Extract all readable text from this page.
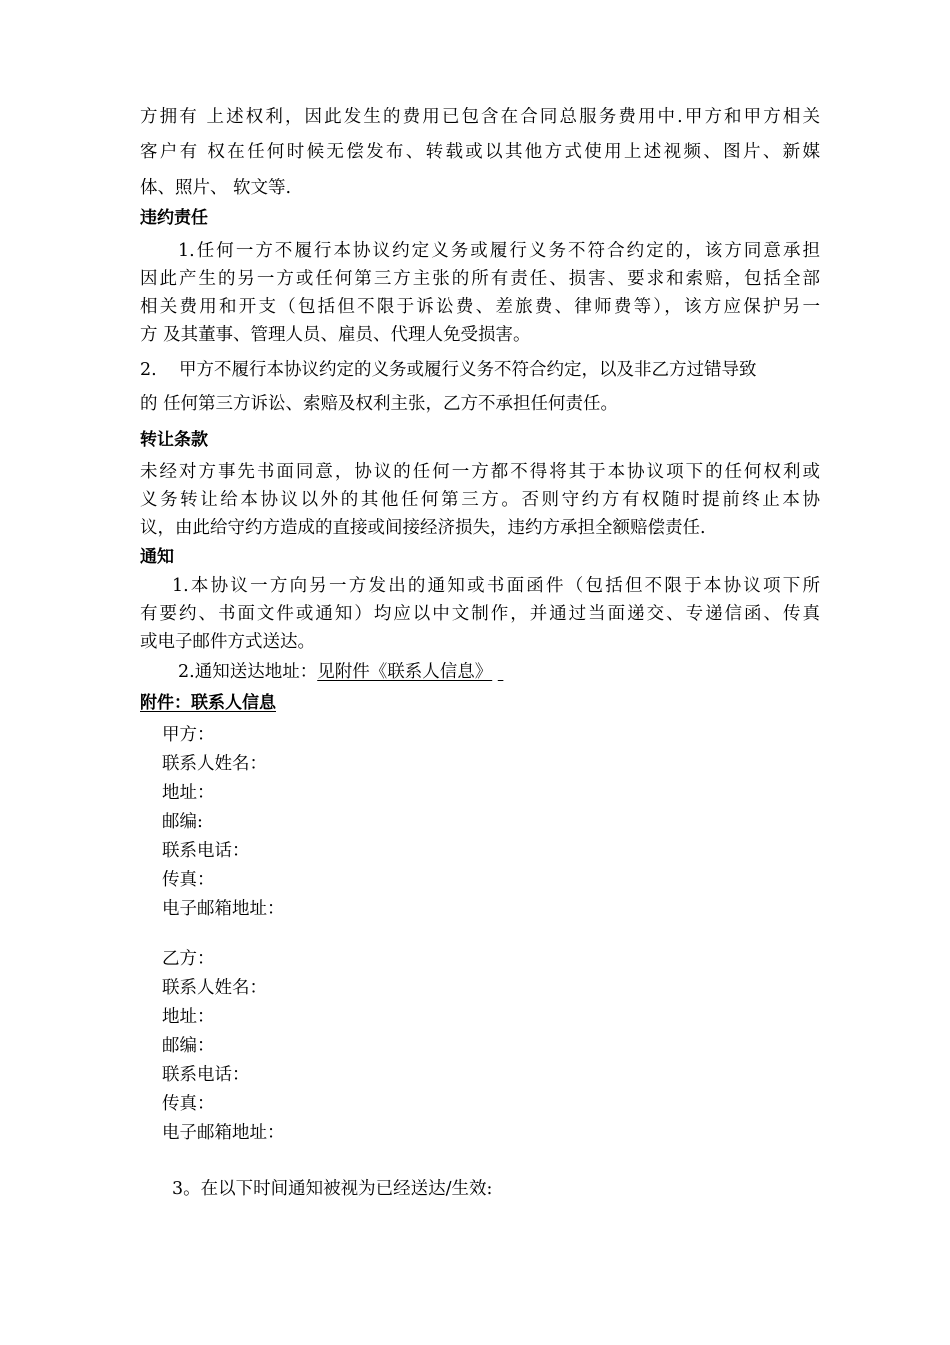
方拥有 上述权利，因此发生的费用已包含在合同总服务费用中.甲方和甲方相关
客户有 权在任何时候无偿发布、转载或以其他方式使用上述视频、图片、新媒
体、照片、 软文等.
违约责任
1.任何一方不履行本协议约定义务或履行义务不符合约定的，该方同意承担
因此产生的另一方或任何第三方主张的所有责任、损害、要求和索赔，包括全部
相关费用和开支（包括但不限于诉讼费、差旅费、律师费等），该方应保护另一
方 及其董事、管理人员、雇员、代理人免受损害。
2.    甲方不履行本协议约定的义务或履行义务不符合约定，以及非乙方过错导致
的 任何第三方诉讼、索赔及权利主张，乙方不承担任何责任。
转让条款
未经对方事先书面同意，协议的任何一方都不得将其于本协议项下的任何权利或
义务转让给本协议以外的其他任何第三方。否则守约方有权随时提前终止本协
议，由此给守约方造成的直接或间接经济损失，违约方承担全额赔偿责任.
通知
1.本协议一方向另一方发出的通知或书面函件（包括但不限于本协议项下所
有要约、书面文件或通知）均应以中文制作，并通过当面递交、专递信函、传真
或电子邮件方式送达。
2.通知送达地址：见附件《联系人信息》
附件：联系人信息
甲方：
联系人姓名：
地址：
邮编:
联系电话：
传真：
电子邮箱地址：
乙方：
联系人姓名：
地址：
邮编：
联系电话：
传真：
电子邮箱地址：
3。在以下时间通知被视为已经送达/生效:
